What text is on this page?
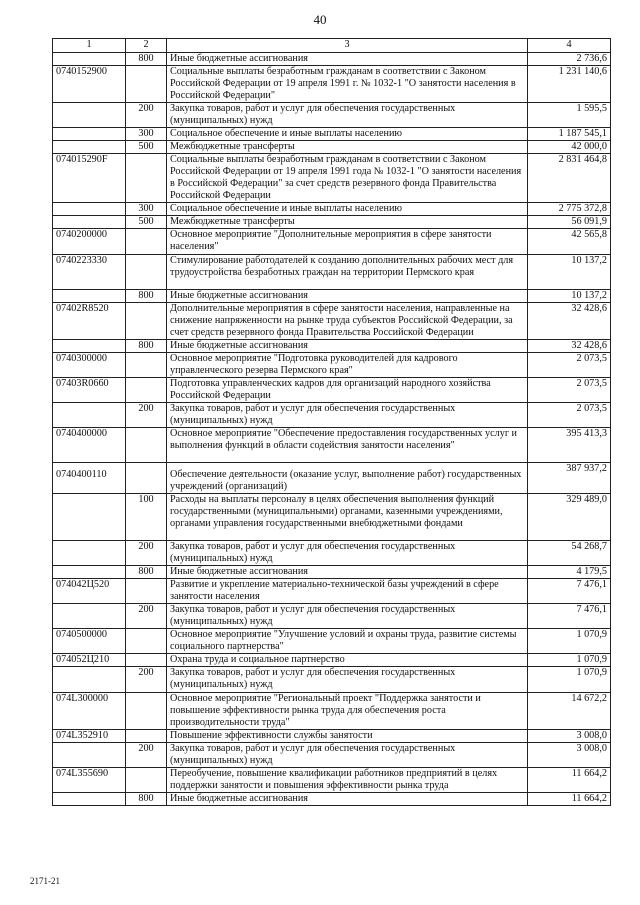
40
1	2	3	4
	800	Иные бюджетные ассигнования	2 736,6
0740152900		Социальные выплаты безработным гражданам в соответствии с Законом Российской Федерации от 19 апреля 1991 г. № 1032-1 "О занятости населения в Российской Федерации"	1 231 140,6
	200	Закупка товаров, работ и услуг для обеспечения государственных (муниципальных) нужд	1 595,5
	300	Социальное обеспечение и иные выплаты населению	1 187 545,1
	500	Межбюджетные трансферты	42 000,0
074015290F		Социальные выплаты безработным гражданам в соответствии с Законом Российской Федерации от 19 апреля 1991 года № 1032-1 "О занятости населения в Российской Федерации" за счет средств резервного фонда Правительства Российской Федерации	2 831 464,8
	300	Социальное обеспечение и иные выплаты населению	2 775 372,8
	500	Межбюджетные трансферты	56 091,9
0740200000		Основное мероприятие "Дополнительные мероприятия в сфере занятости населения"	42 565,8
0740223330		Стимулирование работодателей к созданию дополнительных рабочих мест для трудоустройства безработных граждан на территории Пермского края	10 137,2
	800	Иные бюджетные ассигнования	10 137,2
07402R8520		Дополнительные мероприятия в сфере занятости населения, направленные на снижение напряженности на рынке труда субъектов Российской Федерации, за счет средств резервного фонда Правительства Российской Федерации	32 428,6
	800	Иные бюджетные ассигнования	32 428,6
0740300000		Основное мероприятие "Подготовка руководителей для кадрового управленческого резерва Пермского края"	2 073,5
07403R0660		Подготовка управленческих кадров для организаций народного хозяйства Российской Федерации	2 073,5
	200	Закупка товаров, работ и услуг для обеспечения государственных (муниципальных) нужд	2 073,5
0740400000		Основное мероприятие "Обеспечение предоставления государственных услуг и выполнения функций в области содействия занятости населения"	395 413,3
0740400110		Обеспечение деятельности (оказание услуг, выполнение работ) государственных учреждений (организаций)	387 937,2
	100	Расходы на выплаты персоналу в целях обеспечения выполнения функций государственными (муниципальными) органами, казенными учреждениями, органами управления государственными внебюджетными фондами	329 489,0
	200	Закупка товаров, работ и услуг для обеспечения государственных (муниципальных) нужд	54 268,7
	800	Иные бюджетные ассигнования	4 179,5
074042Ц520		Развитие и укрепление материально-технической базы учреждений в сфере занятости населения	7 476,1
	200	Закупка товаров, работ и услуг для обеспечения государственных (муниципальных) нужд	7 476,1
0740500000		Основное мероприятие "Улучшение условий и охраны труда, развитие системы социального партнерства"	1 070,9
074052Ц210		Охрана труда и социальное партнерство	1 070,9
	200	Закупка товаров, работ и услуг для обеспечения государственных (муниципальных) нужд	1 070,9
074L300000		Основное мероприятие "Региональный проект "Поддержка занятости и повышение эффективности рынка труда для обеспечения роста производительности труда"	14 672,2
074L352910		Повышение эффективности службы занятости	3 008,0
	200	Закупка товаров, работ и услуг для обеспечения государственных (муниципальных) нужд	3 008,0
074L355690		Переобучение, повышение квалификации работников предприятий в целях поддержки занятости и повышения эффективности рынка труда	11 664,2
	800	Иные бюджетные ассигнования	11 664,2
2171-21
